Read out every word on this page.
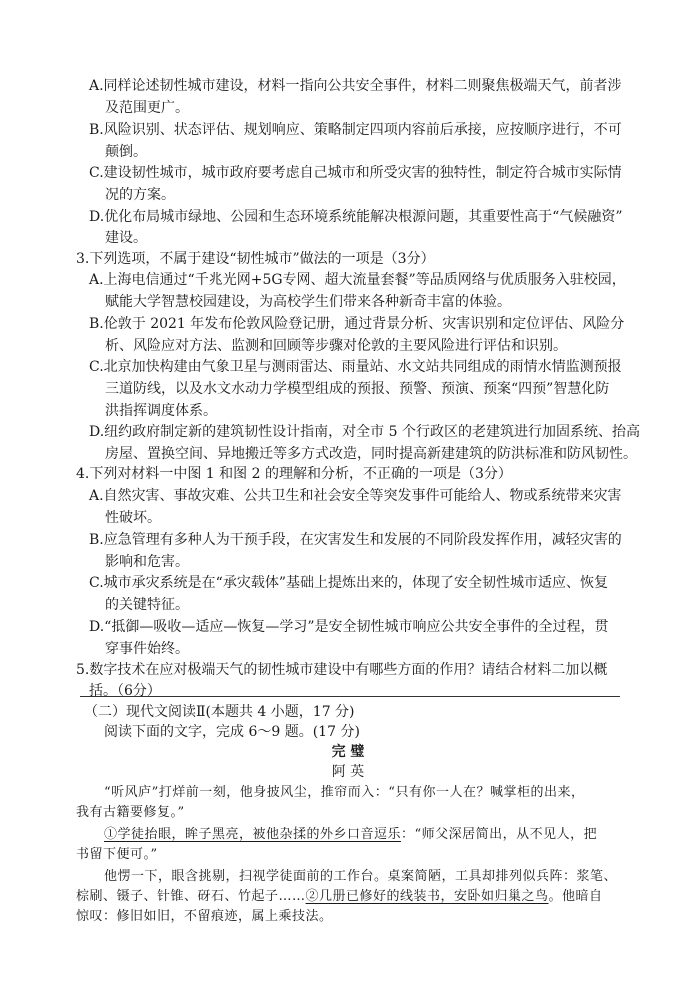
A.同样论述韧性城市建设，材料一指向公共安全事件，材料二则聚焦极端天气，前者涉
及范围更广。
B.风险识别、状态评估、规划响应、策略制定四项内容前后承接，应按顺序进行，不可
颠倒。
C.建设韧性城市，城市政府要考虑自己城市和所受灾害的独特性，制定符合城市实际情
况的方案。
D.优化布局城市绿地、公园和生态环境系统能解决根源问题，其重要性高于“气候融资”
建设。
3.下列选项，不属于建设“韧性城市”做法的一项是（3分）
A.上海电信通过“千兆光网+5G专网、超大流量套餐”等品质网络与优质服务入驻校园，
赋能大学智慧校园建设，为高校学生们带来各种新奇丰富的体验。
B.伦敦于 2021 年发布伦敦风险登记册，通过背景分析、灾害识别和定位评估、风险分
析、风险应对方法、监测和回顾等步骤对伦敦的主要风险进行评估和识别。
C.北京加快构建由气象卫星与测雨雷达、雨量站、水文站共同组成的雨情水情监测预报
三道防线，以及水文水动力学模型组成的预报、预警、预演、预案“四预”智慧化防
洪指挥调度体系。
D.纽约政府制定新的建筑韧性设计指南，对全市 5 个行政区的老建筑进行加固系统、抬高
房屋、置换空间、异地搬迁等多方式改造，同时提高新建建筑的防洪标准和防风韧性。
4.下列对材料一中图 1 和图 2 的理解和分析，不正确的一项是（3分）
A.自然灾害、事故灾难、公共卫生和社会安全等突发事件可能给人、物或系统带来灾害
性破坏。
B.应急管理有多种人为干预手段，在灾害发生和发展的不同阶段发挥作用，减轻灾害的
影响和危害。
C.城市承灾系统是在“承灾载体”基础上提炼出来的，体现了安全韧性城市适应、恢复
的关键特征。
D.“抵御—吸收—适应—恢复—学习”是安全韧性城市响应公共安全事件的全过程，贯
穿事件始终。
5.数字技术在应对极端天气的韧性城市建设中有哪些方面的作用？请结合材料二加以概
括。（6分）
（二）现代文阅读Ⅱ(本题共 4 小题，17 分)
阅读下面的文字，完成 6～9 题。(17 分)
完 璧
阿 英
“听风庐”打烊前一刻，他身披风尘，推帘而入：“只有你一人在？喊掌柜的出来，
我有古籍要修复。”
①学徒抬眼，眸子黑亮，被他杂揉的外乡口音逗乐：“师父深居简出，从不见人，把
书留下便可。”
他愣一下，眼含挑剔，扫视学徒面前的工作台。桌案简陋，工具却排列似兵阵：浆笔、
棕刷、镊子、针锥、砑石、竹起子……②几册已修好的线装书，安卧如归巢之鸟。他暗自
惊叹：修旧如旧，不留痕迹，属上乘技法。
